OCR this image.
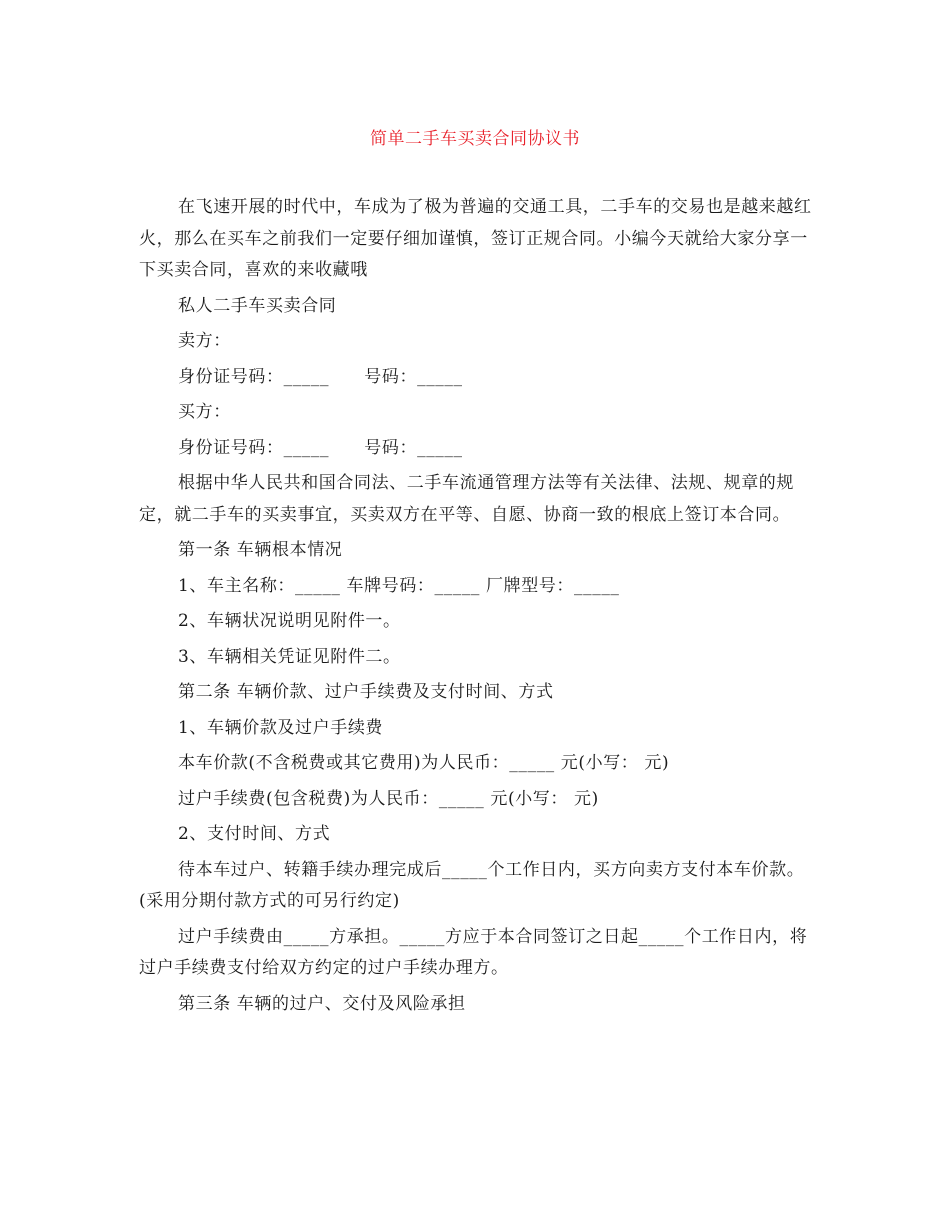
简单二手车买卖合同协议书

在飞速开展的时代中，车成为了极为普遍的交通工具，二手车的交易也是越来越红火，那么在买车之前我们一定要仔细加谨慎，签订正规合同。小编今天就给大家分享一下买卖合同，喜欢的来收藏哦

私人二手车买卖合同

卖方：

身份证号码：_____　　号码：_____

买方：

身份证号码：_____　　号码：_____

根据中华人民共和国合同法、二手车流通管理方法等有关法律、法规、规章的规定，就二手车的买卖事宜，买卖双方在平等、自愿、协商一致的根底上签订本合同。

第一条 车辆根本情况

1、车主名称：_____ 车牌号码：_____ 厂牌型号：_____

2、车辆状况说明见附件一。

3、车辆相关凭证见附件二。

第二条 车辆价款、过户手续费及支付时间、方式

1、车辆价款及过户手续费

本车价款(不含税费或其它费用)为人民币：_____ 元(小写： 元)

过户手续费(包含税费)为人民币：_____ 元(小写： 元)

2、支付时间、方式

待本车过户、转籍手续办理完成后_____个工作日内，买方向卖方支付本车价款。(采用分期付款方式的可另行约定)

过户手续费由_____方承担。_____方应于本合同签订之日起_____个工作日内，将过户手续费支付给双方约定的过户手续办理方。

第三条 车辆的过户、交付及风险承担
